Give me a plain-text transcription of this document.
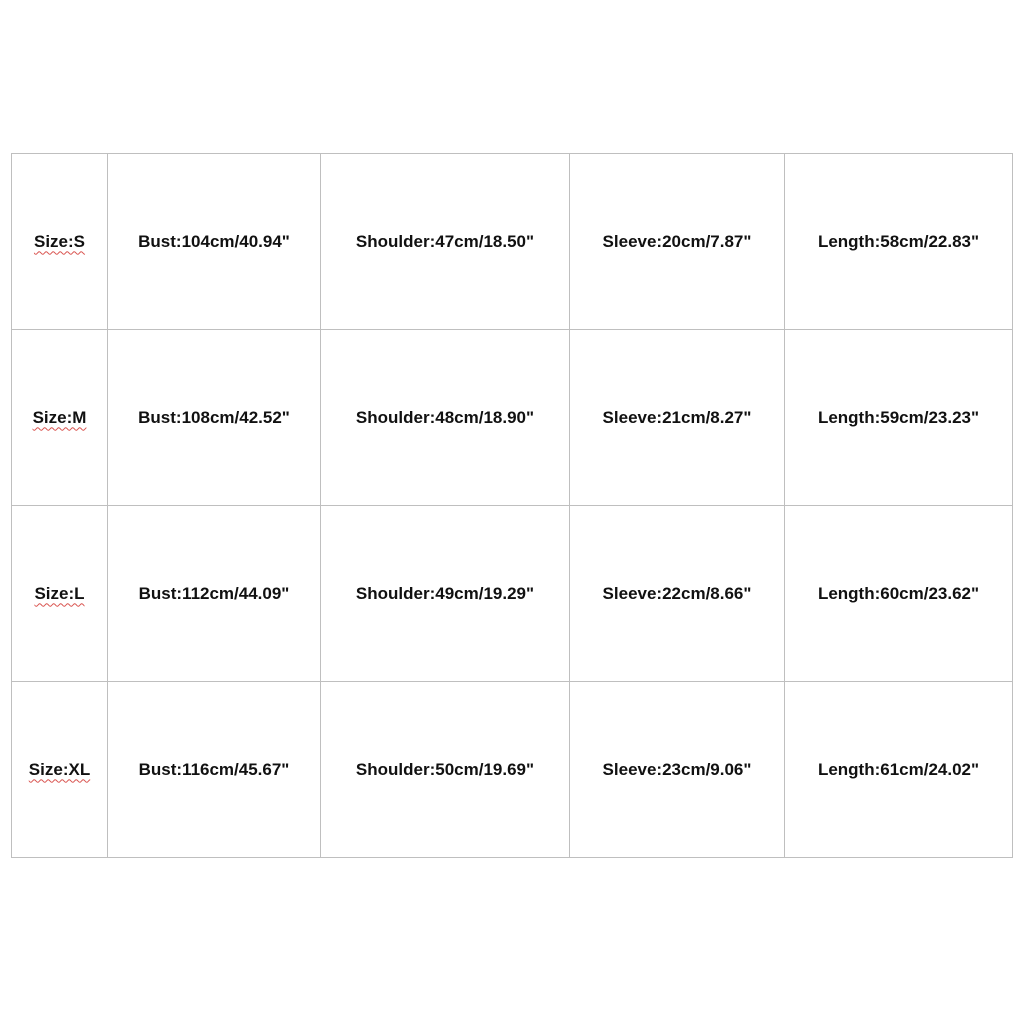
Size:S	Bust:104cm/40.94"	Shoulder:47cm/18.50"	Sleeve:20cm/7.87"	Length:58cm/22.83"
Size:M	Bust:108cm/42.52"	Shoulder:48cm/18.90"	Sleeve:21cm/8.27"	Length:59cm/23.23"
Size:L	Bust:112cm/44.09"	Shoulder:49cm/19.29"	Sleeve:22cm/8.66"	Length:60cm/23.62"
Size:XL	Bust:116cm/45.67"	Shoulder:50cm/19.69"	Sleeve:23cm/9.06"	Length:61cm/24.02"
